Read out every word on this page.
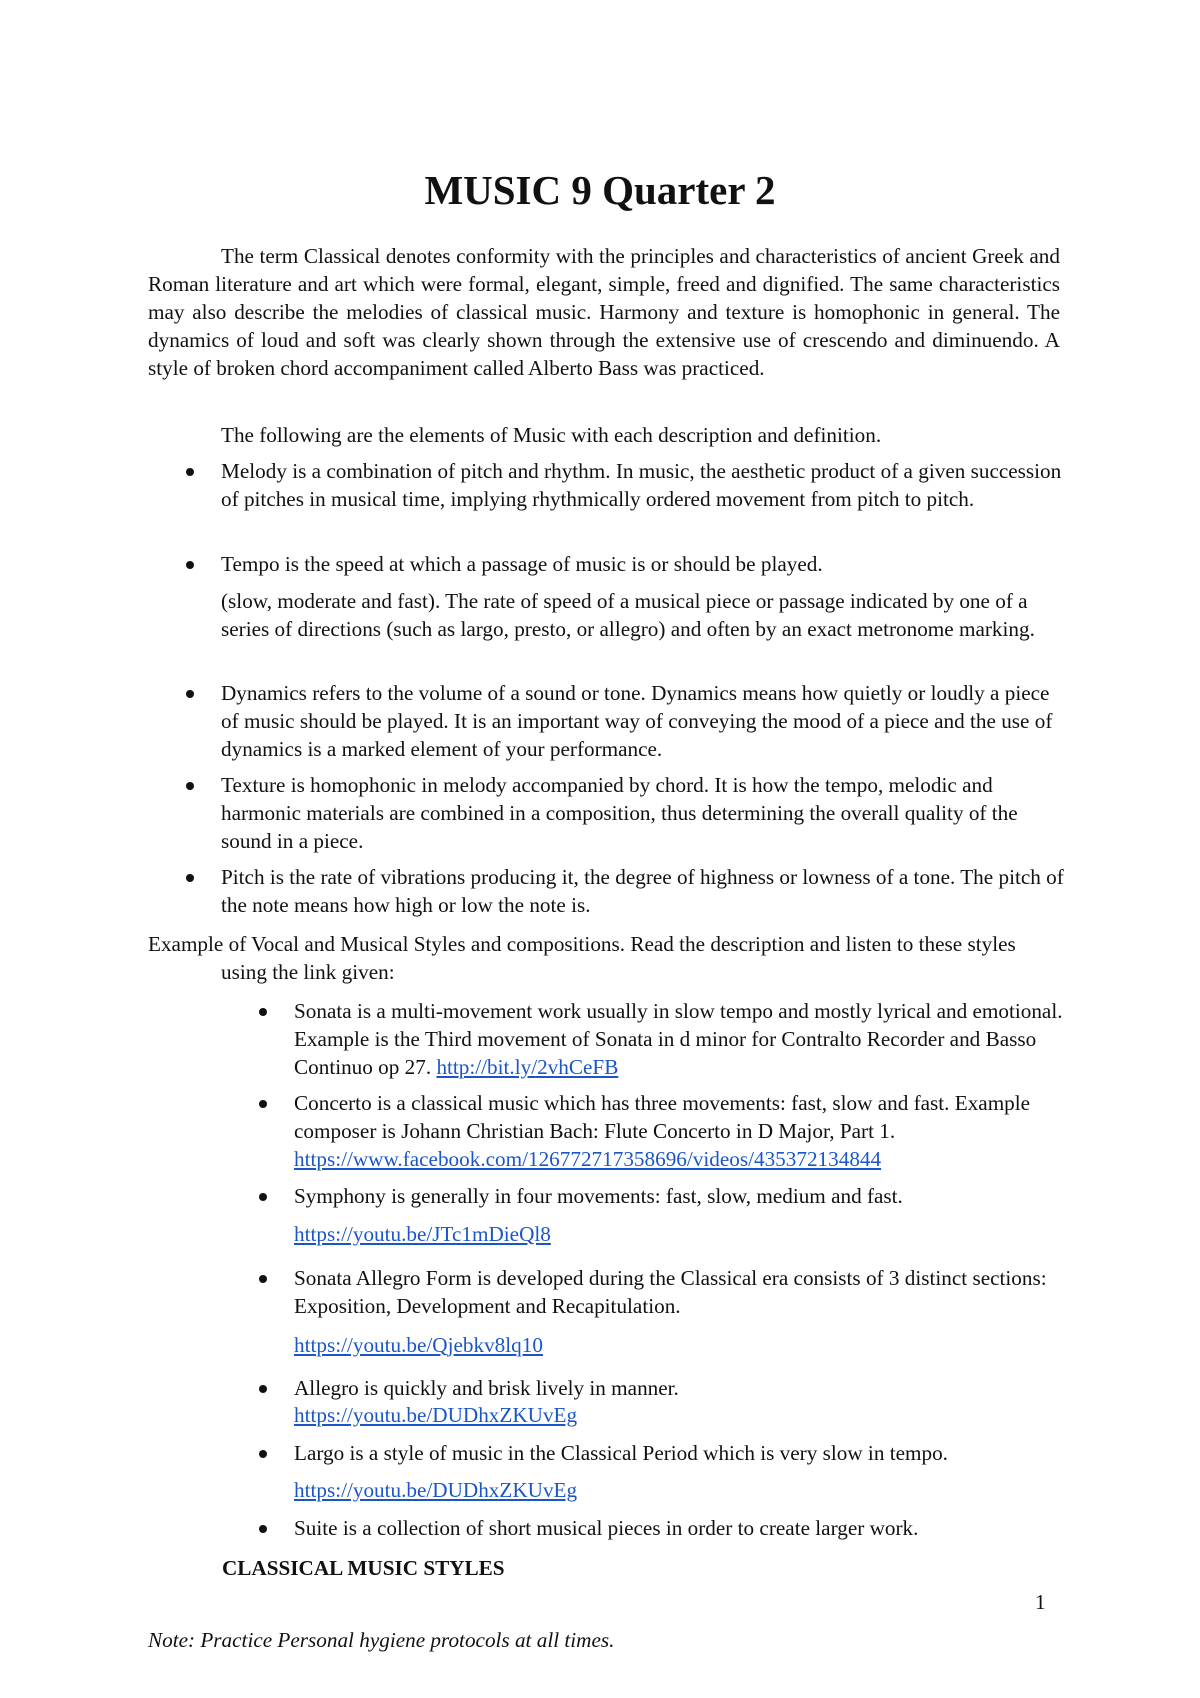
MUSIC 9 Quarter 2

The term Classical denotes conformity with the principles and characteristics of ancient Greek and Roman literature and art which were formal, elegant, simple, freed and dignified. The same characteristics may also describe the melodies of classical music. Harmony and texture is homophonic in general. The dynamics of loud and soft was clearly shown through the extensive use of crescendo and diminuendo. A style of broken chord accompaniment called Alberto Bass was practiced.

The following are the elements of Music with each description and definition.

Melody is a combination of pitch and rhythm. In music, the aesthetic product of a given succession of pitches in musical time, implying rhythmically ordered movement from pitch to pitch.

Tempo is the speed at which a passage of music is or should be played.

(slow, moderate and fast). The rate of speed of a musical piece or passage indicated by one of a series of directions (such as largo, presto, or allegro) and often by an exact metronome marking.

Dynamics refers to the volume of a sound or tone. Dynamics means how quietly or loudly a piece of music should be played. It is an important way of conveying the mood of a piece and the use of dynamics is a marked element of your performance.

Texture is homophonic in melody accompanied by chord. It is how the tempo, melodic and harmonic materials are combined in a composition, thus determining the overall quality of the sound in a piece.

Pitch is the rate of vibrations producing it, the degree of highness or lowness of a tone. The pitch of the note means how high or low the note is.

Example of Vocal and Musical Styles and compositions. Read the description and listen to these styles using the link given:

Sonata is a multi-movement work usually in slow tempo and mostly lyrical and emotional. Example is the Third movement of Sonata in d minor for Contralto Recorder and Basso Continuo op 27. http://bit.ly/2vhCeFB

Concerto is a classical music which has three movements: fast, slow and fast. Example composer is Johann Christian Bach: Flute Concerto in D Major, Part 1. https://www.facebook.com/126772717358696/videos/435372134844

Symphony is generally in four movements: fast, slow, medium and fast.

https://youtu.be/JTc1mDieQl8

Sonata Allegro Form is developed during the Classical era consists of 3 distinct sections: Exposition, Development and Recapitulation.

https://youtu.be/Qjebkv8lq10

Allegro is quickly and brisk lively in manner.

https://youtu.be/DUDhxZKUvEg

Largo is a style of music in the Classical Period which is very slow in tempo.

https://youtu.be/DUDhxZKUvEg

Suite is a collection of short musical pieces in order to create larger work.

CLASSICAL MUSIC STYLES
1
Note: Practice Personal hygiene protocols at all times.
